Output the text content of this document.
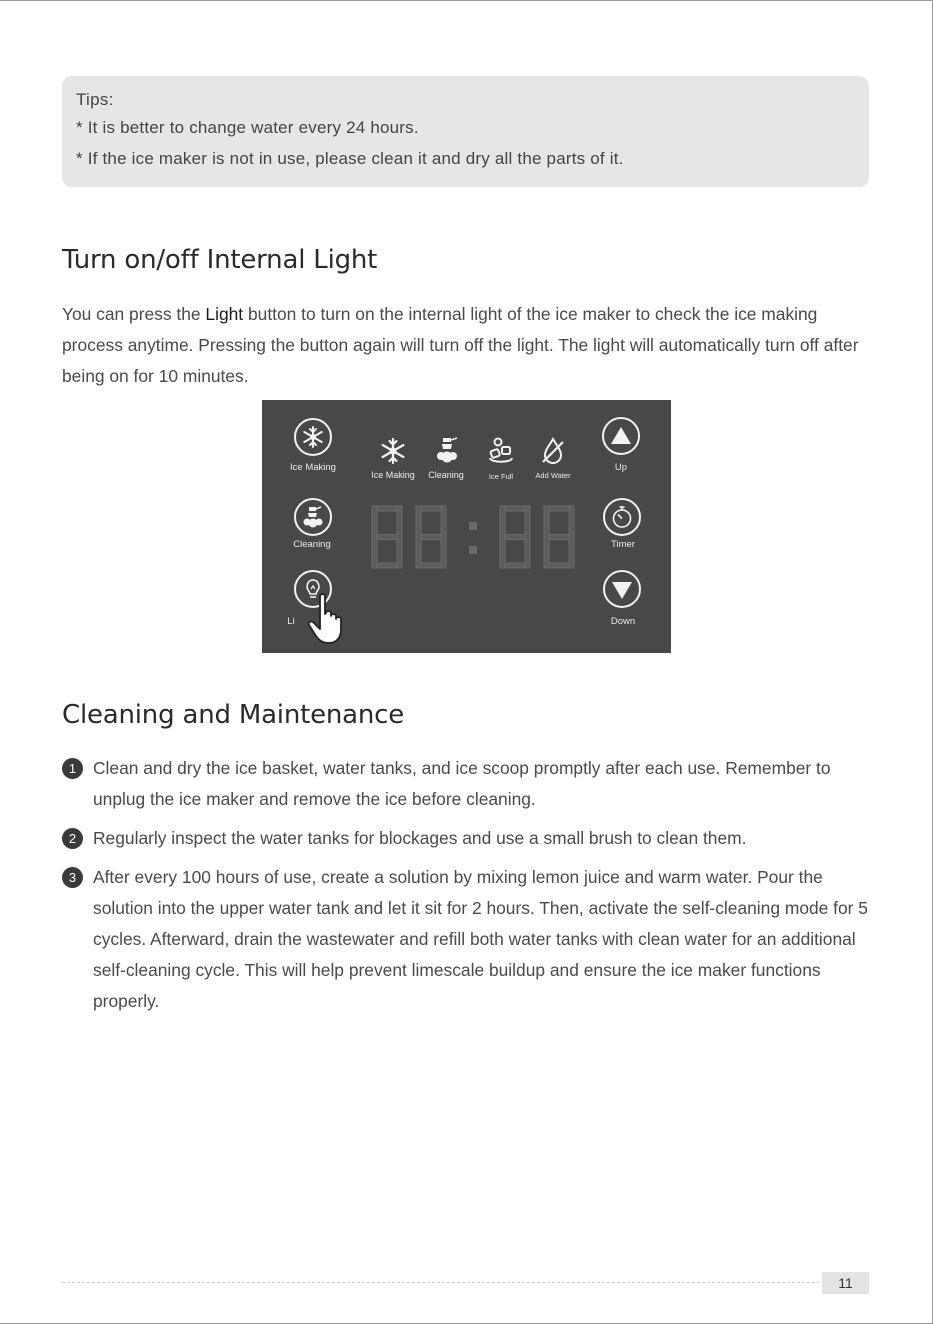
Tips:
* It is better to change water every 24 hours.
* If the ice maker is not in use, please clean it and dry all the parts of it.
Turn on/off Internal Light

You can press the Light button to turn on the internal light of the ice maker to check the ice making process anytime. Pressing the button again will turn off the light. The light will automatically turn off after being on for 10 minutes.

Ice Making
Cleaning
Li
Ice Making	Cleaning	Ice Full	Add Water
Up
Timer
Down
Cleaning and Maintenance
1 Clean and dry the ice basket, water tanks, and ice scoop promptly after each use. Remember to unplug the ice maker and remove the ice before cleaning.
2 Regularly inspect the water tanks for blockages and use a small brush to clean them.
3 After every 100 hours of use, create a solution by mixing lemon juice and warm water. Pour the solution into the upper water tank and let it sit for 2 hours. Then, activate the self-cleaning mode for 5 cycles. Afterward, drain the wastewater and refill both water tanks with clean water for an additional self-cleaning cycle. This will help prevent limescale buildup and ensure the ice maker functions properly.
11
